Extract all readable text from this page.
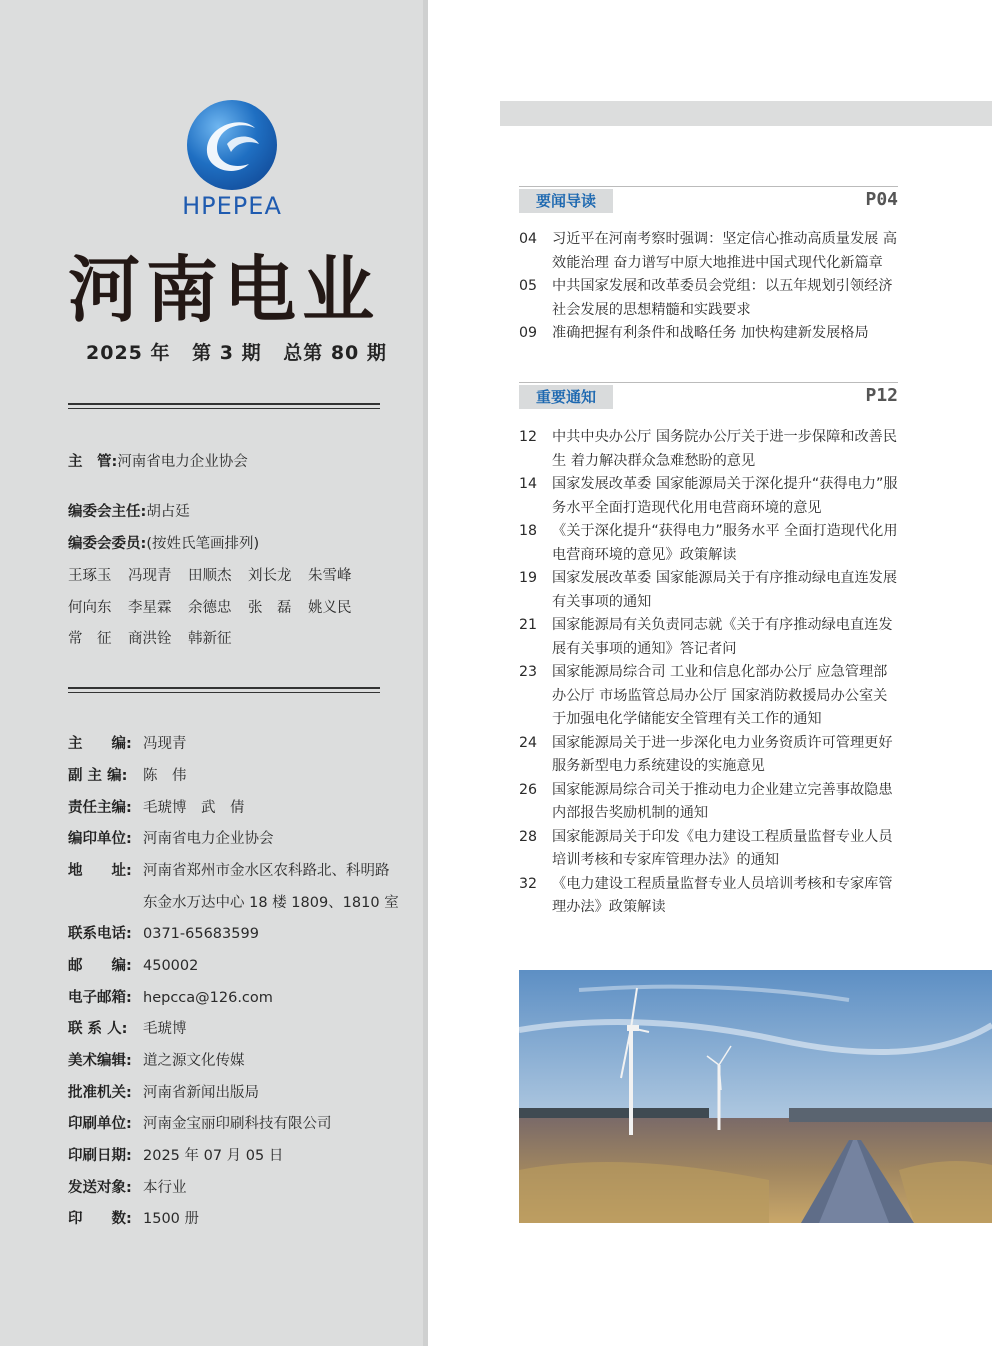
HPEPEA
河南电业
2025 年 第 3 期 总第 80 期
主　管:河南省电力企业协会
编委会主任:胡占廷
编委会委员:(按姓氏笔画排列)
王琢玉 冯现青 田顺杰 刘长龙 朱雪峰
何向东 李星霖 余德忠 张　磊 姚义民
常　征 商洪铨 韩新征
主　　编: 冯现青
副 主 编: 陈　伟
责任主编: 毛琥博　武　倩
编印单位: 河南省电力企业协会
地　　址: 河南省郑州市金水区农科路北、科明路
东金水万达中心 18 楼 1809、1810 室
联系电话: 0371-65683599
邮　　编: 450002
电子邮箱: hepcca@126.com
联 系 人: 毛琥博
美术编辑: 道之源文化传媒
批准机关: 河南省新闻出版局
印刷单位: 河南金宝丽印刷科技有限公司
印刷日期: 2025 年 07 月 05 日
发送对象: 本行业
印　　数: 1500 册
要闻导读	P04
04	习近平在河南考察时强调：坚定信心推动高质量发展 高效能治理 奋力谱写中原大地推进中国式现代化新篇章
05	中共国家发展和改革委员会党组：以五年规划引领经济社会发展的思想精髓和实践要求
09	准确把握有利条件和战略任务 加快构建新发展格局
重要通知	P12
12	中共中央办公厅 国务院办公厅关于进一步保障和改善民生 着力解决群众急难愁盼的意见
14	国家发展改革委 国家能源局关于深化提升“获得电力”服务水平全面打造现代化用电营商环境的意见
18	《关于深化提升“获得电力”服务水平 全面打造现代化用电营商环境的意见》政策解读
19	国家发展改革委 国家能源局关于有序推动绿电直连发展有关事项的通知
21	国家能源局有关负责同志就《关于有序推动绿电直连发展有关事项的通知》答记者问
23	国家能源局综合司 工业和信息化部办公厅 应急管理部办公厅 市场监管总局办公厅 国家消防救援局办公室关于加强电化学储能安全管理有关工作的通知
24	国家能源局关于进一步深化电力业务资质许可管理更好服务新型电力系统建设的实施意见
26	国家能源局综合司关于推动电力企业建立完善事故隐患内部报告奖励机制的通知
28	国家能源局关于印发《电力建设工程质量监督专业人员培训考核和专家库管理办法》的通知
32	《电力建设工程质量监督专业人员培训考核和专家库管理办法》政策解读
